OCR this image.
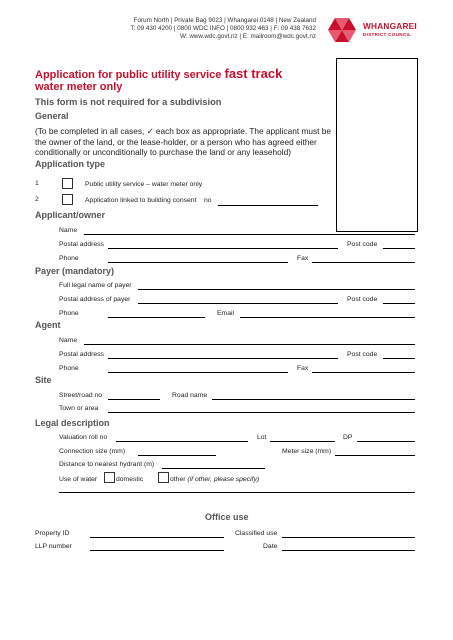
Forum North | Private Bag 9023 | Whangarei 0148 | New Zealand
T: 09 430 4200 | 0800 WDC INFO | 0800 932 463 | F: 09 438 7632
W: www.wdc.govt.nz | E: mailroom@wdc.govt.nz
WHANGAREI
DISTRICT COUNCIL
Application for public utility service fast track
water meter only
This form is not required for a subdivision
General
(To be completed in all cases, ✓ each box as appropriate. The applicant must be the owner of the land, or the lease-holder, or a person who has agreed either conditionally or unconditionally to purchase the land or any leasehold)
Application type
1	Public utility service – water meter only
2	Application linked to building consent no
Applicant/owner
Name
Postal address	Post code
Phone	Fax
Payer (mandatory)
Full legal name of payer
Postal address of payer	Post code
Phone	Email
Agent
Name
Postal address	Post code
Phone	Fax
Site
Street/road no	Road name
Town or area
Legal description
Valuation roll no	Lot	DP
Connection size (mm)	Meter size (mm)
Distance to nearest hydrant (m)
Use of water	domestic	other (if other, please specify)
Office use
Property ID	Classified use
LLP number	Date
